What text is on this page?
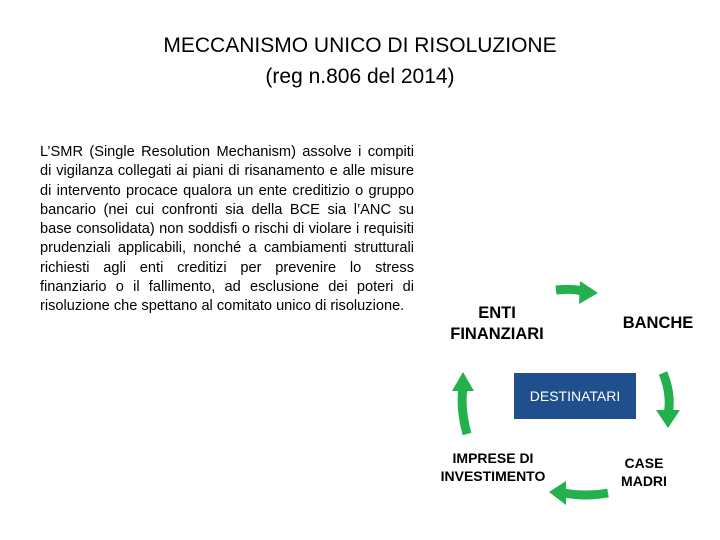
MECCANISMO UNICO DI RISOLUZIONE
(reg n.806 del 2014)
L’SMR (Single Resolution Mechanism) assolve i compiti di vigilanza collegati ai piani di risanamento e alle misure di intervento procace qualora un ente creditizio o gruppo bancario (nei cui confronti sia della BCE sia l’ANC su base consolidata) non soddisfi o rischi di violare i requisiti prudenziali applicabili, nonché a cambiamenti strutturali richiesti agli enti creditizi per prevenire lo stress finanziario o il fallimento, ad esclusione dei poteri di risoluzione che spettano al comitato unico di risoluzione.	ENTI
FINANZIARI
BANCHE
DESTINATARI
IMPRESE DI
INVESTIMENTO
CASE
MADRI
